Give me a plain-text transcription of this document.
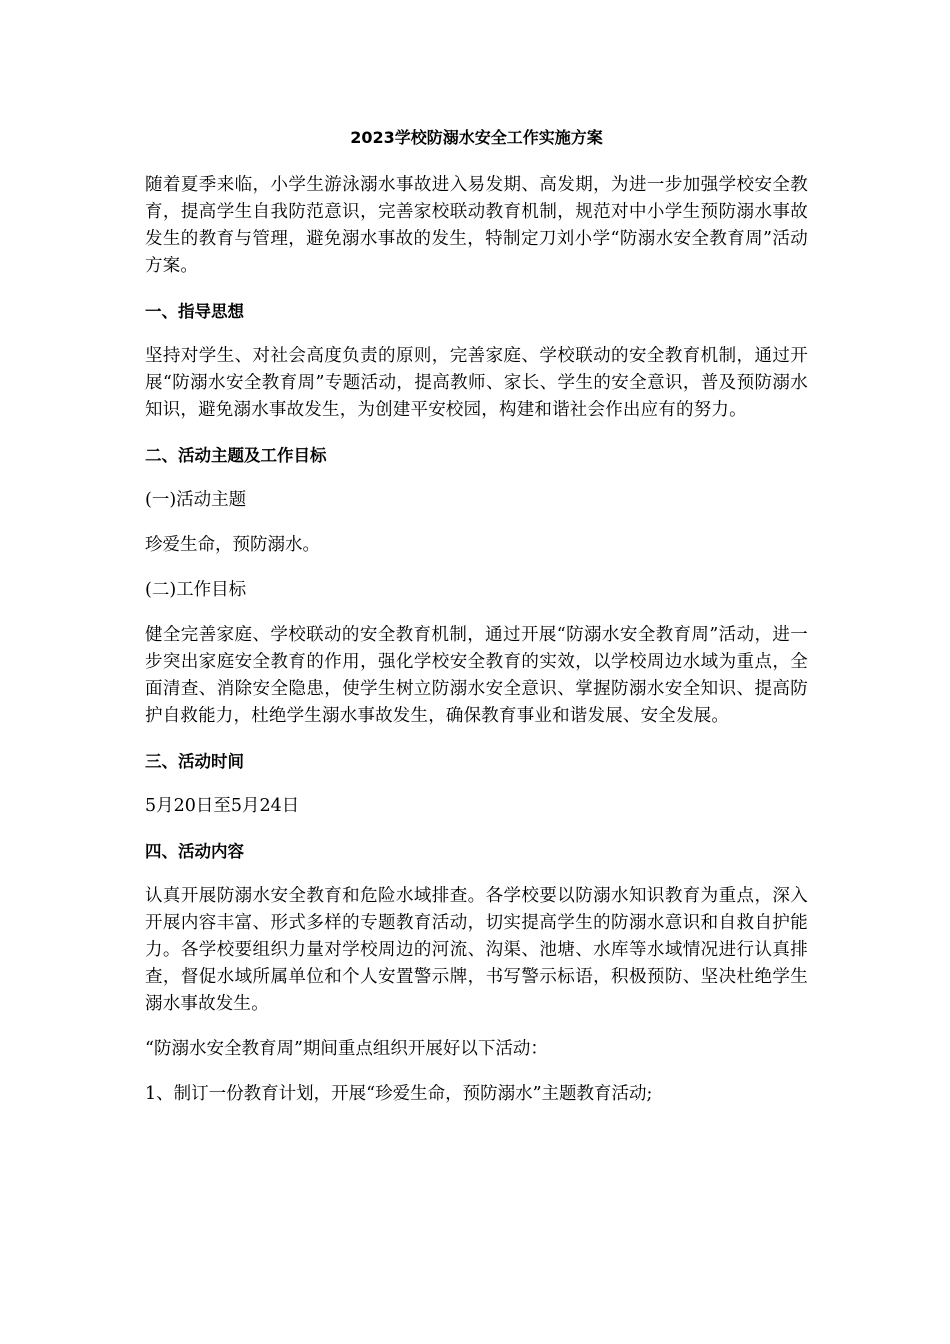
2023学校防溺水安全工作实施方案
随着夏季来临，小学生游泳溺水事故进入易发期、高发期，为进一步加强学校安全教育，提高学生自我防范意识，完善家校联动教育机制，规范对中小学生预防溺水事故发生的教育与管理，避免溺水事故的发生，特制定刀刘小学“防溺水安全教育周”活动方案。
一、指导思想
坚持对学生、对社会高度负责的原则，完善家庭、学校联动的安全教育机制，通过开展“防溺水安全教育周”专题活动，提高教师、家长、学生的安全意识，普及预防溺水知识，避免溺水事故发生，为创建平安校园，构建和谐社会作出应有的努力。
二、活动主题及工作目标
(一)活动主题
珍爱生命，预防溺水。
(二)工作目标
健全完善家庭、学校联动的安全教育机制，通过开展“防溺水安全教育周”活动，进一步突出家庭安全教育的作用，强化学校安全教育的实效，以学校周边水域为重点，全面清查、消除安全隐患，使学生树立防溺水安全意识、掌握防溺水安全知识、提高防护自救能力，杜绝学生溺水事故发生，确保教育事业和谐发展、安全发展。
三、活动时间
5月20日至5月24日
四、活动内容
认真开展防溺水安全教育和危险水域排查。各学校要以防溺水知识教育为重点，深入开展内容丰富、形式多样的专题教育活动，切实提高学生的防溺水意识和自救自护能力。各学校要组织力量对学校周边的河流、沟渠、池塘、水库等水域情况进行认真排查，督促水域所属单位和个人安置警示牌，书写警示标语，积极预防、坚决杜绝学生溺水事故发生。
“防溺水安全教育周”期间重点组织开展好以下活动：
1、制订一份教育计划，开展“珍爱生命，预防溺水”主题教育活动;
